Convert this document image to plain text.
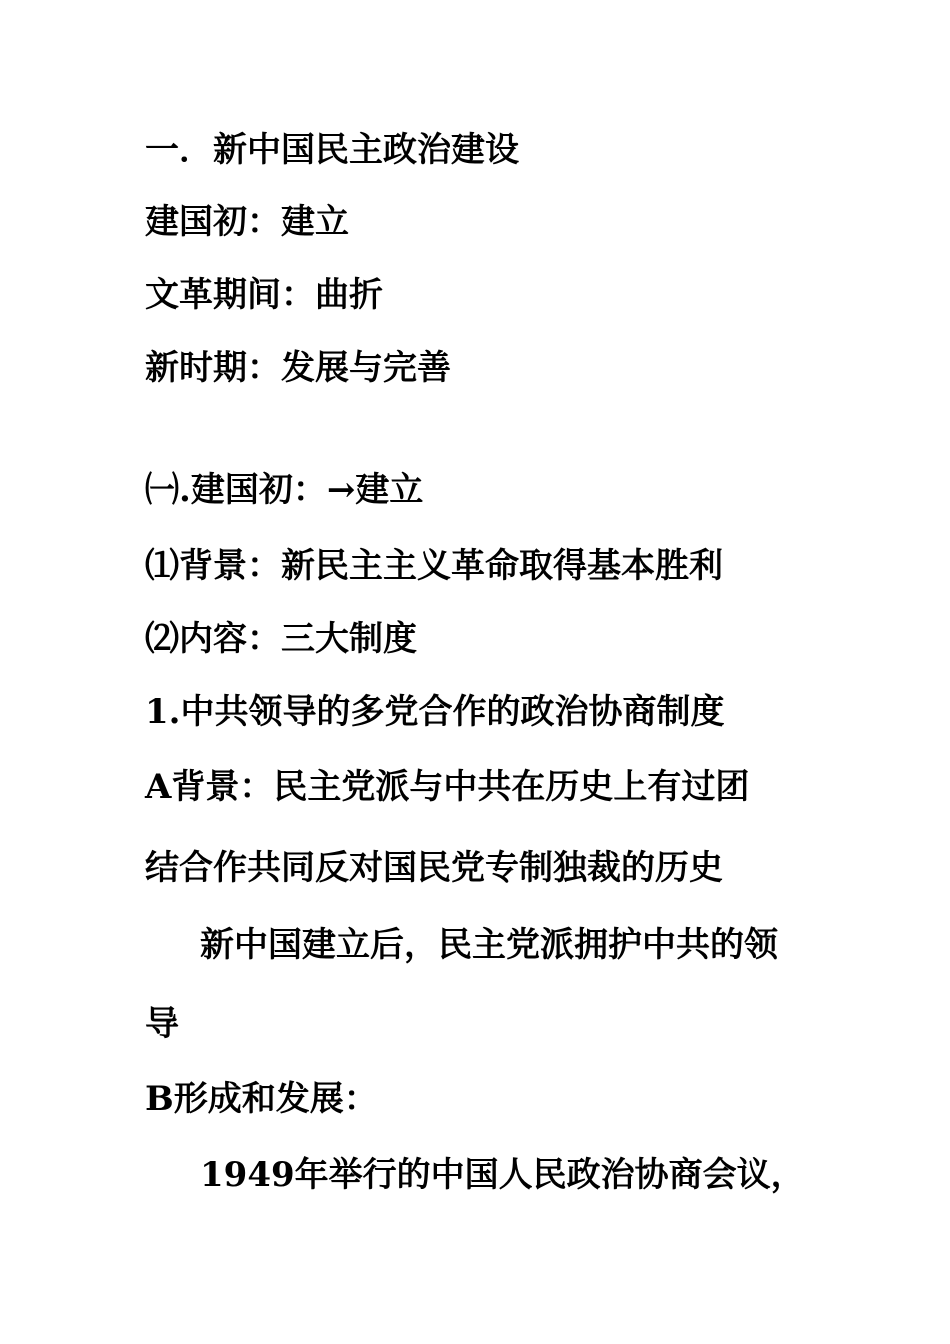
一．新中国民主政治建设
建国初：建立
文革期间：曲折
新时期：发展与完善
㈠.建国初：→建立
⑴背景：新民主主义革命取得基本胜利
⑵内容：三大制度
1.中共领导的多党合作的政治协商制度
A背景：民主党派与中共在历史上有过团
结合作共同反对国民党专制独裁的历史
新中国建立后，民主党派拥护中共的领
导
B形成和发展：
1949年举行的中国人民政治协商会议，
